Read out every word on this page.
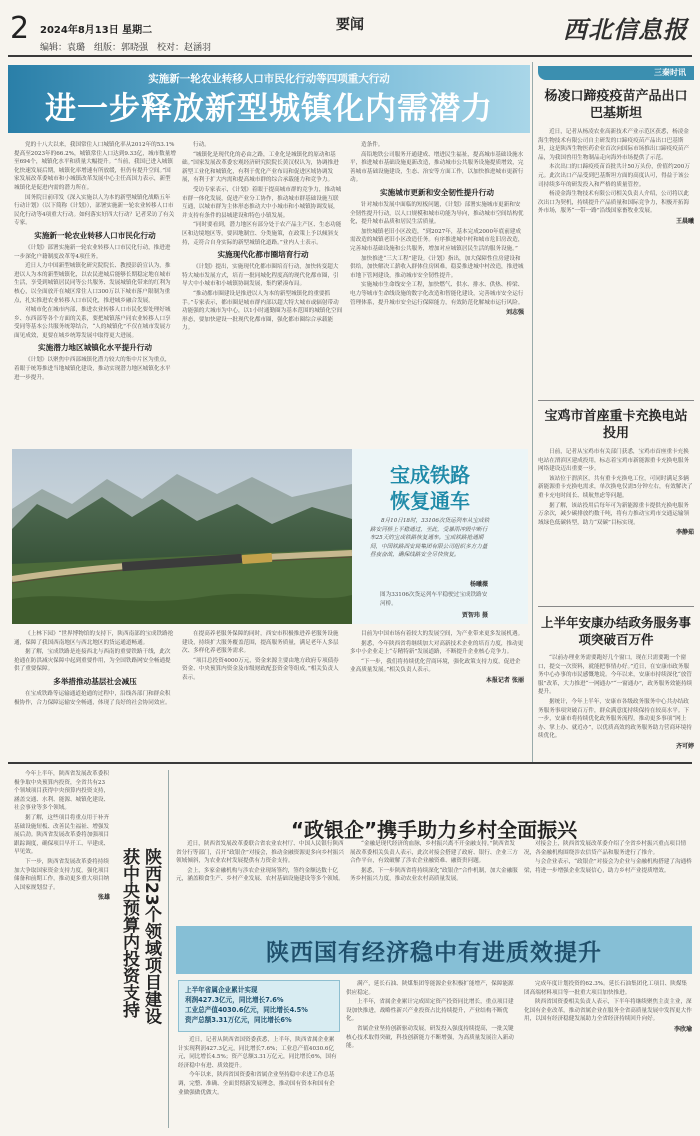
2 2024年8月13日 星期二	要闻	西北信息报
编辑：袁璐　组版：郭晓强　校对：赵涵羽
实施新一轮农业转移人口市民化行动等四项重大行动
进一步释放新型城镇化内需潜力

党的十八大以来，我国常住人口城镇化率从2012年的53.1%提高至2023年的66.2%，城镇常住人口达到9.33亿，城市数量增至694个，城镇化水平和质量大幅提升。“当前，我国已进入城镇化快速发展后期，城镇化率增速有所放缓，但仍有提升空间。”国家发展改革委城市和小城镇改革发展中心主任高国力表示，新型城镇化是促进内需的潜力所在。

国务院日前印发《深入实施以人为本的新型城镇化战略五年行动计划》（以下简称《计划》），部署实施新一轮农业转移人口市民化行动等4项重大行动。如何落实好四大行动？记者采访了有关专家。

实施新一轮农业转移人口市民化行动

《计划》部署实施新一轮农业转移人口市民化行动，推进进一步深化户籍制度改革等4项任务。

近日人力中国新型城镇化研究院院长、教授彭蔚宣认为，推进以人为本的新型城镇化，以农民进城后能够长期稳定地在城市生活，享受到城镇居民同等公共服务、发展城镇化带来的红利为核心，以全面放开在城区常住人口300万以下城市落户限制为重点，扎实推进农业转移人口市民化，推进城乡融合发展。

对城市化在城市内部，推进农业转移人口市民化要处理好城乡、东西部等各个方面的关系，要把城镇落户同农业转移人口享受同等基本公共服务统筹结合，“人的城镇化”不仅在城市发展方面见成效，更要在城乡统筹发展中取得更大进展。

实施潜力地区城镇化水平提升行动

《计划》以聚焦中西部城镇化潜力较大的集中片区为重点，着眼于统筹推进当地城镇化建设，推动实现潜力地区城镇化水平进一步提升。

行动。

“城镇化是现代化的必由之路，工业化是城镇化的原动和基础。”国家发展改革委宏观经济研究院院长黄汉权认为，协调推进新型工业化和城镇化，有利于优化产业布局和促进区域协调发展，有利于扩大内需和提高城市群的综合承载能力和竞争力。

受访专家表示，《计划》着眼于提高城市群的竞争力，推动城市群一体化发展，促进产业分工协作，推动城市群基础设施互联互通，以城市群为主体形态推动大中小城市和小城镇协调发展，并支持有条件的县城建设和特色小镇发展。

“同时要看到，潜力地区有部分处于农产品主产区、生态功能区和边境地区等，要因地制宜、分类施策，在政策上予以倾斜支持，走符合自身实际的新型城镇化道路。”业内人士表示。

实施现代化都市圈培育行动

《计划》提出，实施现代化都市圈培育行动，加快转变超大特大城市发展方式，培育一批同城化程度高的现代化都市圈，引导大中小城市和小城镇协调发展，集约紧凑布局。

“推动都市圈建设是推进以人为本的新型城镇化的重要抓手。”专家表示，都市圈是城市群内部以超大特大城市或辐射带动功能强的大城市为中心，以1小时通勤圈为基本范围的城镇化空间形态，要加快建设一批现代化都市圈，强化都市圈综合承载能力。

造条件。

高铅地铁公司服务开通建成、增进民生福祉，提高城市基础设施水平，推进城市基础设施更新改造，推动城市公共服务设施提质增效，完善城市基础设施建设，生态、治安等方面工作，以加快推进城市更新行动。

实施城市更新和安全韧性提升行动

针对城市发展中面临的短板问题，《计划》部署实施城市更新和安全韧性提升行动，以人口规模和城市功能为导向，推动城市空间结构优化，提升城市品质和居民生活质量。

加快城镇老旧小区改造，“到2027年，基本完成2000年底前建成需改造的城镇老旧小区改造任务。有序推进城中村和城市危旧房改造，完善城市基础设施和公共服务，增加对应城镇居民生活的服务设施。”

加快推进“三大工程”建设。《计划》指出，加大保障性住房建设和供给，加快解决工薪收入群体住房困难，稳妥推进城中村改造，推进城市地下管网建设，推动城市安全韧性提升。

实施城市生命线安全工程，加快燃气、供水、排水、供热、桥梁、电力等城市生命线设施的数字化改造和智能化建设，完善城市安全运行管理体系，提升城市安全运行保障能力，有效防范化解城市运行风险。

刘志强
宝成铁路
恢复通车

8月10日18时，33106次货运列车从宝成铁路安河桥上平稳通过，至此，受暴雨冲毁中断行车25天的宝成铁路恢复通车。宝成铁路抢通期间，中国铁路西安局集团有限公司组织多方力量昼夜奋战，确保线路安全尽快恢复。

杨曦薇

图为33106次货运列车平稳驶过宝成铁路安河桥。

贾智玮 摄
三秦时讯
杨凌口蹄疫疫苗产品出口巴基斯坦

近日，记者从杨凌农业高新技术产业示范区获悉，杨凌金海生物技术有限公司自主研发的口蹄疫疫苗产品出口巴基斯坦，这是陕西生物医药企业首次向国际市场推出口蹄疫疫苗产品，为我国兽用生物制品走向海外市场提供了示范。

本次出口的口蹄疫疫苗首批共计50万头份，价值约200万元。此次出口产品受到巴基斯坦方面的高度认可，得益于该公司持续多年的研发投入和严格的质量管控。

杨凌金海生物技术有限公司相关负责人介绍，公司将以此次出口为契机，持续提升产品质量和国际竞争力，积极开拓海外市场，服务“一带一路”沿线国家畜牧业发展。

王晨曦
宝鸡市首座重卡充换电站投用

日前，记者从宝鸡市有关部门获悉，宝鸡市首座重卡充换电站在渭滨区建成投用，标志着宝鸡市新能源重卡充换电服务网络建设迈出重要一步。

该站位于渭滨区，共有重卡充换电工位，可同时满足多辆新能源重卡充换电需求，单次换电仅需5分钟左右，有效解决了重卡充电时间长、续航焦虑等问题。

据了解，该站投用后每年可为新能源重卡提供充换电服务万余次，减少碳排放约数千吨，将有力推动宝鸡市交通运输领域绿色低碳转型，助力“双碳”目标实现。

李静茹
上半年安康办结政务服务事项突破百万件

“以前办理业务需要跑好几个窗口，现在只需要跑一个窗口，提交一次资料，就能把事情办好。”近日，在安康市政务服务中心办事的市民感慨地说。今年以来，安康市持续深化“放管服”改革，大力推进“一网通办”“一窗通办”，政务服务效能持续提升。

据统计，今年上半年，安康市各级政务服务中心共办结政务服务事项突破百万件，群众满意度持续保持在较高水平。下一步，安康市将持续优化政务服务流程，推动更多事项“网上办、掌上办、就近办”，以优质高效的政务服务助力营商环境持续优化。

齐可婷

《上林下园》“世界博物馆的支持下，陕西南部的宝成铁路抢通，保障了我国西南地区与西北地区的货运通道畅通。

据了解，宝成铁路是连接西北与西南的重要铁路干线，此次抢通在防洪减灾保障中起到重要作用，为全国铁路网安全畅通提供了重要保障。

多举措推动基层社会减压

在宝成铁路等运输通道抢通的过程中，沿线各部门和群众积极协作，合力保障运输安全畅通，体现了良好的社会协同效应。

在提高养老服务保障的同时，西安市积极推进养老服务设施建设，持续扩大服务覆盖范围，提高服务质量，满足老年人多层次、多样化养老服务需求。

“项目总投资4000万元，资金来源主要由地方政府专项债券资金、中央预算内资金及市级财政配套资金等组成。”相关负责人表示。

目前为中国市场有着较大的发展空间，为产业带来更多发展机遇。

据悉，今年陕西省将继续加大对高新技术企业的培育力度，推动更多中小企业走上“专精特新”发展道路，不断提升企业核心竞争力。

“下一步，我们将持续优化营商环境，强化政策支持力度，促进企业高质量发展。”相关负责人表示。

本报记者 张丽

今年上半年，陕西省发展改革委积极争取中央预算内投资，全省共有23个领域项目获得中央预算内投资支持，涵盖交通、水利、能源、城镇化建设、社会事业等多个领域。

据了解，这些项目将重点用于补齐基础设施短板、改善民生福祉、增强发展后劲。陕西省发展改革委将加强项目跟踪调度，确保项目早开工、早建成、早见效。

下一步，陕西省发展改革委将持续加大争取国家资金支持力度，强化项目储备和前期工作，推动更多重大项目纳入国家规划盘子。

张雄	陕西23个领域项目建设获中央预算内投资支持
“政银企”携手助力乡村全面振兴

近日，陕西省发展改革委联合省农业农村厅、中国人民银行陕西省分行等部门，召开“政银企”对接会，推动金融资源更多向乡村振兴领域倾斜，为农业农村发展提供有力资金支持。

会上，多家金融机构与涉农企业现场签约，签约金额达数十亿元，涵盖粮食生产、乡村产业发展、农村基础设施建设等多个领域。

“金融是现代经济的血脉，乡村振兴离不开金融支持。”陕西省发展改革委相关负责人表示，此次对接会搭建了政府、银行、企业三方合作平台，有效破解了涉农企业融资难、融资贵问题。

据悉，下一步陕西省将持续深化“政银企”合作机制，加大金融服务乡村振兴力度，推动农业农村高质量发展。

对接会上，陕西省发展改革委介绍了全省乡村振兴重点项目情况，各金融机构围绕涉农信贷产品和服务进行了推介。

与会企业表示，“政银企”对接会为企业与金融机构搭建了沟通桥梁，将进一步增强企业发展信心，助力乡村产业提质增效。

陕西国有经济稳中有进质效提升
上半年省属企业累计实现
利润427.3亿元，同比增长7.6%
工业总产值4030.6亿元，同比增长4.5%
资产总额3.31万亿元，同比增长6%

近日，记者从陕西省国资委获悉，上半年，陕西省属企业累计实现利润427.3亿元，同比增长7.6%；工业总产值4030.6亿元，同比增长4.5%；资产总额3.31万亿元，同比增长6%，国有经济稳中有进、质效提升。

今年以来，陕西省国资委和省属企业坚持稳中求进工作总基调，完整、准确、全面贯彻新发展理念，推动国有资本和国有企业做强做优做大。

满产，延长石油、陕煤集团等能源企业积极扩能增产，保障能源供应稳定。

上半年，省属企业累计完成固定资产投资同比增长，重点项目建设加快推进，战略性新兴产业投资占比持续提升，产业结构不断优化。

省属企业坚持创新驱动发展，研发投入强度持续提高，一批关键核心技术取得突破，科技创新能力不断增强，为高质量发展注入新动能。

完成年度计划投资的62.3%。延长石油集团化工项目、陕煤集团高端材料项目等一批重大项目加快推进。

陕西省国资委相关负责人表示，下半年将继续聚焦主责主业，深化国有企业改革，推动省属企业在服务全省高质量发展中发挥更大作用，以国有经济稳健发展助力全省经济持续回升向好。

李欣瑜
